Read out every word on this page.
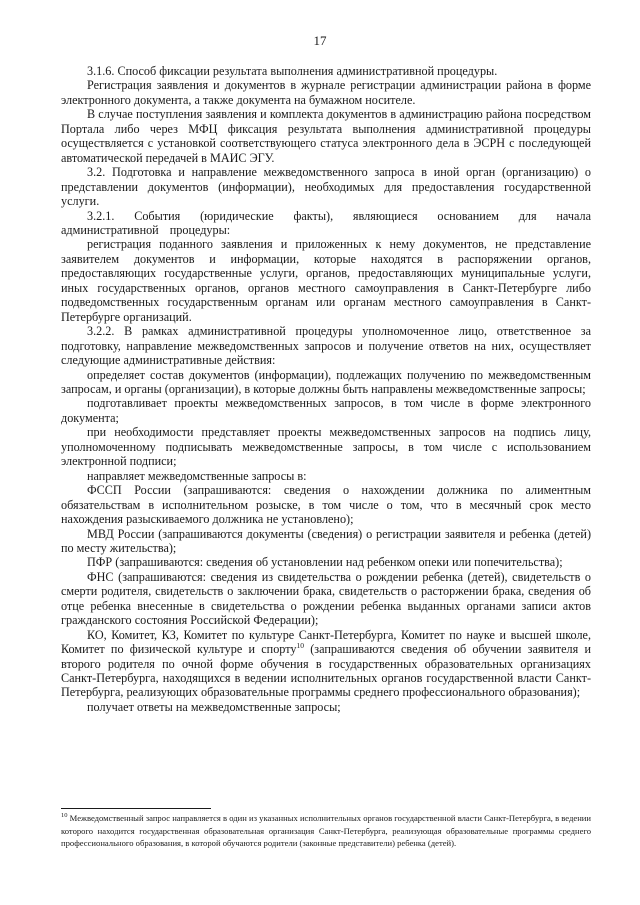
17

3.1.6. Способ фиксации результата выполнения административной процедуры.

Регистрация заявления и документов в журнале регистрации администрации района в форме электронного документа, а также документа на бумажном носителе.

В случае поступления заявления и комплекта документов в администрацию района посредством Портала либо через МФЦ фиксация результата выполнения административной процедуры осуществляется с установкой соответствующего статуса электронного дела в ЭСРН с последующей автоматической передачей в МАИС ЭГУ.

3.2. Подготовка и направление межведомственного запроса в иной орган (организацию) о представлении документов (информации), необходимых для предоставления государственной услуги.

3.2.1. События (юридические факты), являющиеся основанием для начала административной процедуры:

регистрация поданного заявления и приложенных к нему документов, не представление заявителем документов и информации, которые находятся в распоряжении органов, предоставляющих государственные услуги, органов, предоставляющих муниципальные услуги, иных государственных органов, органов местного самоуправления в Санкт-Петербурге либо подведомственных государственным органам или органам местного самоуправления в Санкт-Петербурге организаций.

3.2.2. В рамках административной процедуры уполномоченное лицо, ответственное за подготовку, направление межведомственных запросов и получение ответов на них, осуществляет следующие административные действия:

определяет состав документов (информации), подлежащих получению по межведомственным запросам, и органы (организации), в которые должны быть направлены межведомственные запросы;

подготавливает проекты межведомственных запросов, в том числе в форме электронного документа;

при необходимости представляет проекты межведомственных запросов на подпись лицу, уполномоченному подписывать межведомственные запросы, в том числе с использованием электронной подписи;

направляет межведомственные запросы в:

ФССП России (запрашиваются: сведения о нахождении должника по алиментным обязательствам в исполнительном розыске, в том числе о том, что в месячный срок место нахождения разыскиваемого должника не установлено);

МВД России (запрашиваются документы (сведения) о регистрации заявителя и ребенка (детей) по месту жительства);

ПФР (запрашиваются: сведения об установлении над ребенком опеки или попечительства);

ФНС (запрашиваются: сведения из свидетельства о рождении ребенка (детей), свидетельств о смерти родителя, свидетельств о заключении брака, свидетельств о расторжении брака, сведения об отце ребенка внесенные в свидетельства о рождении ребенка выданных органами записи актов гражданского состояния Российской Федерации);

КО, Комитет, КЗ, Комитет по культуре Санкт-Петербурга, Комитет по науке и высшей школе, Комитет по физической культуре и спорту$^{10}$ (запрашиваются сведения об обучении заявителя и второго родителя по очной форме обучения в государственных образовательных организациях Санкт-Петербурга, находящихся в ведении исполнительных органов государственной власти Санкт-Петербурга, реализующих образовательные программы среднего профессионального образования);

получает ответы на межведомственные запросы;

$^{10}$ Межведомственный запрос направляется в один из указанных исполнительных органов государственной власти Санкт-Петербурга, в ведении которого находится государственная образовательная организация Санкт-Петербурга, реализующая образовательные программы среднего профессионального образования, в которой обучаются родители (законные представители) ребенка (детей).
